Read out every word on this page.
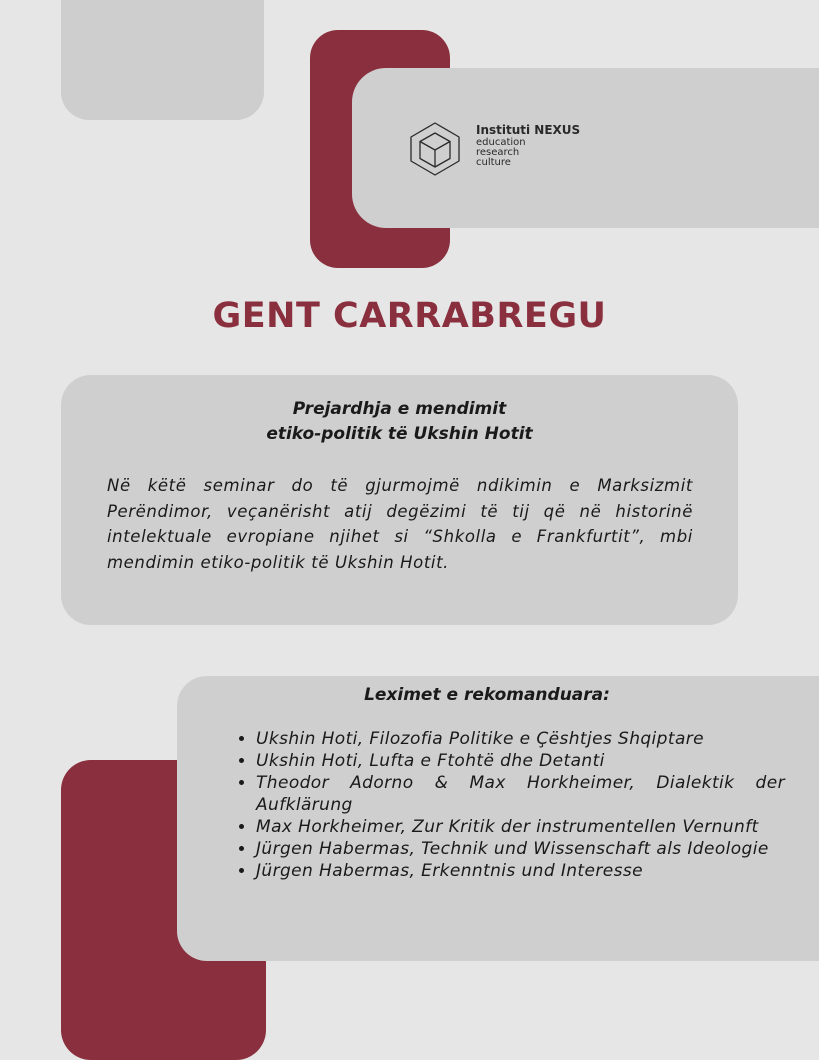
Instituti NEXUS
education
research
culture
GENT CARRABREGU
Prejardhja e mendimit
etiko-politik të Ukshin Hotit
Në këtë seminar do të gjurmojmë ndikimin e Marksizmit Perëndimor, veçanërisht atij degëzimi të tij që në historinë intelektuale evropiane njihet si “Shkolla e Frankfurtit”, mbi mendimin etiko-politik të Ukshin Hotit.
Leximet e rekomanduara:
• Ukshin Hoti, Filozofia Politike e Çështjes Shqiptare
• Ukshin Hoti, Lufta e Ftohtë dhe Detanti
• Theodor Adorno & Max Horkheimer, Dialektik der Aufklärung
• Max Horkheimer, Zur Kritik der instrumentellen Vernunft
• Jürgen Habermas, Technik und Wissenschaft als Ideologie
• Jürgen Habermas, Erkenntnis und Interesse
